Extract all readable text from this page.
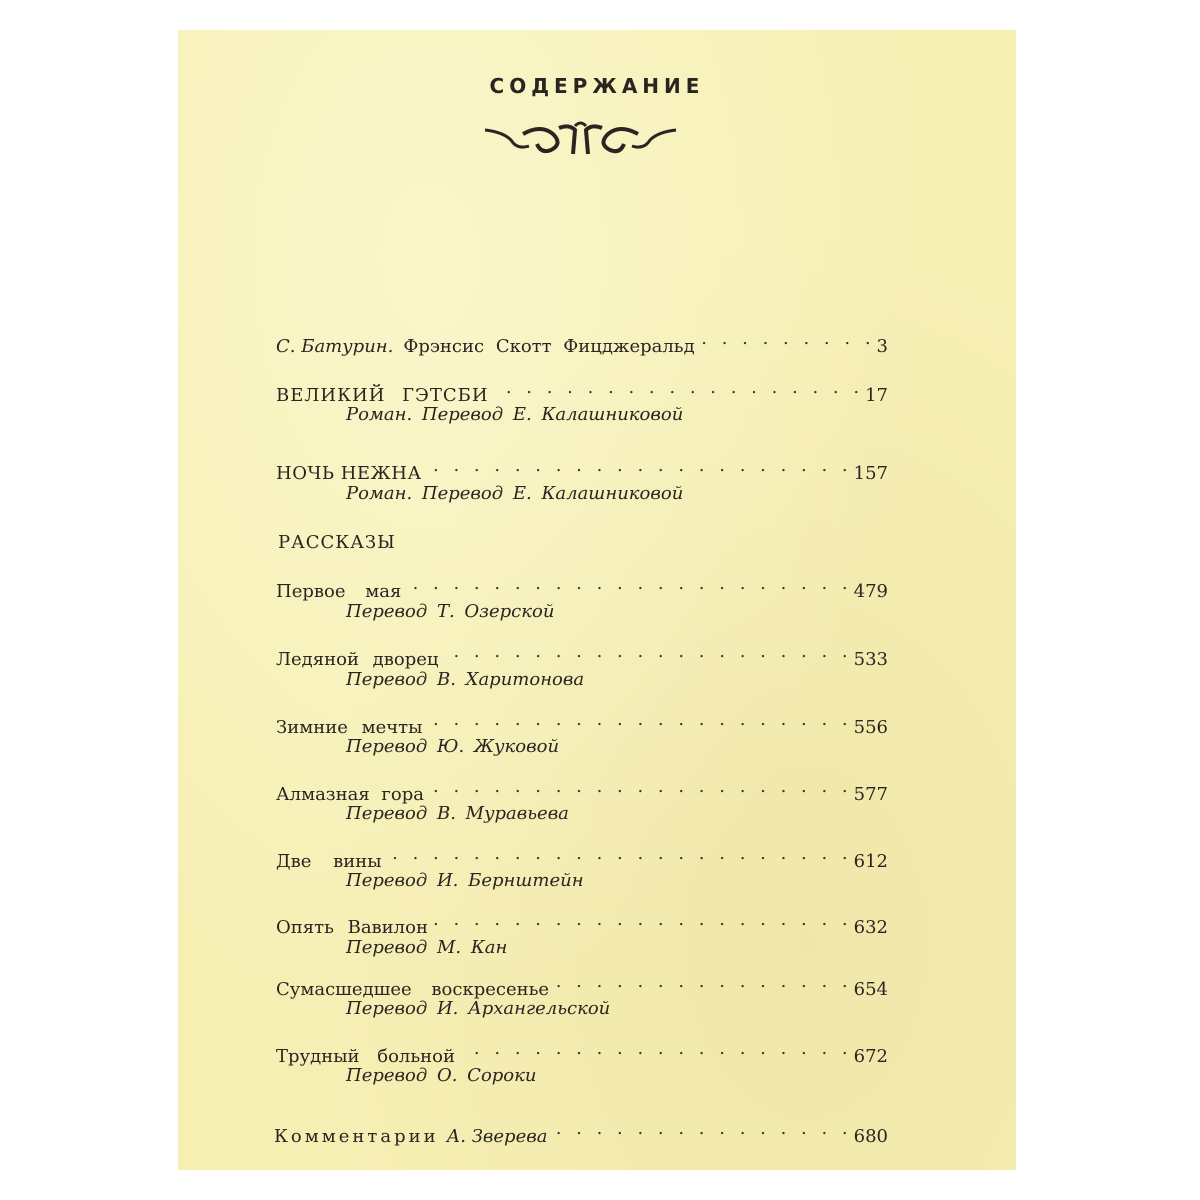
СОДЕРЖАНИЕ
С. Батурин. Фрэнсис Скотт Фицджеральд . . .	3
ВЕЛИКИЙ ГЭТСБИ . . .	17
Роман. Перевод Е. Калашниковой
НОЧЬ НЕЖНА . . .	157
Роман. Перевод Е. Калашниковой
РАССКАЗЫ
Первое мая . . .	479
Перевод Т. Озерской
Ледяной дворец . . .	533
Перевод В. Харитонова
Зимние мечты . . .	556
Перевод Ю. Жуковой
Алмазная гора . . .	577
Перевод В. Муравьева
Две вины . . .	612
Перевод И. Бернштейн
Опять Вавилон . . .	632
Перевод М. Кан
Сумасшедшее воскресенье . . .	654
Перевод И. Архангельской
Трудный больной . . .	672
Перевод О. Сороки
Комментарии А. Зверева . . .	680
